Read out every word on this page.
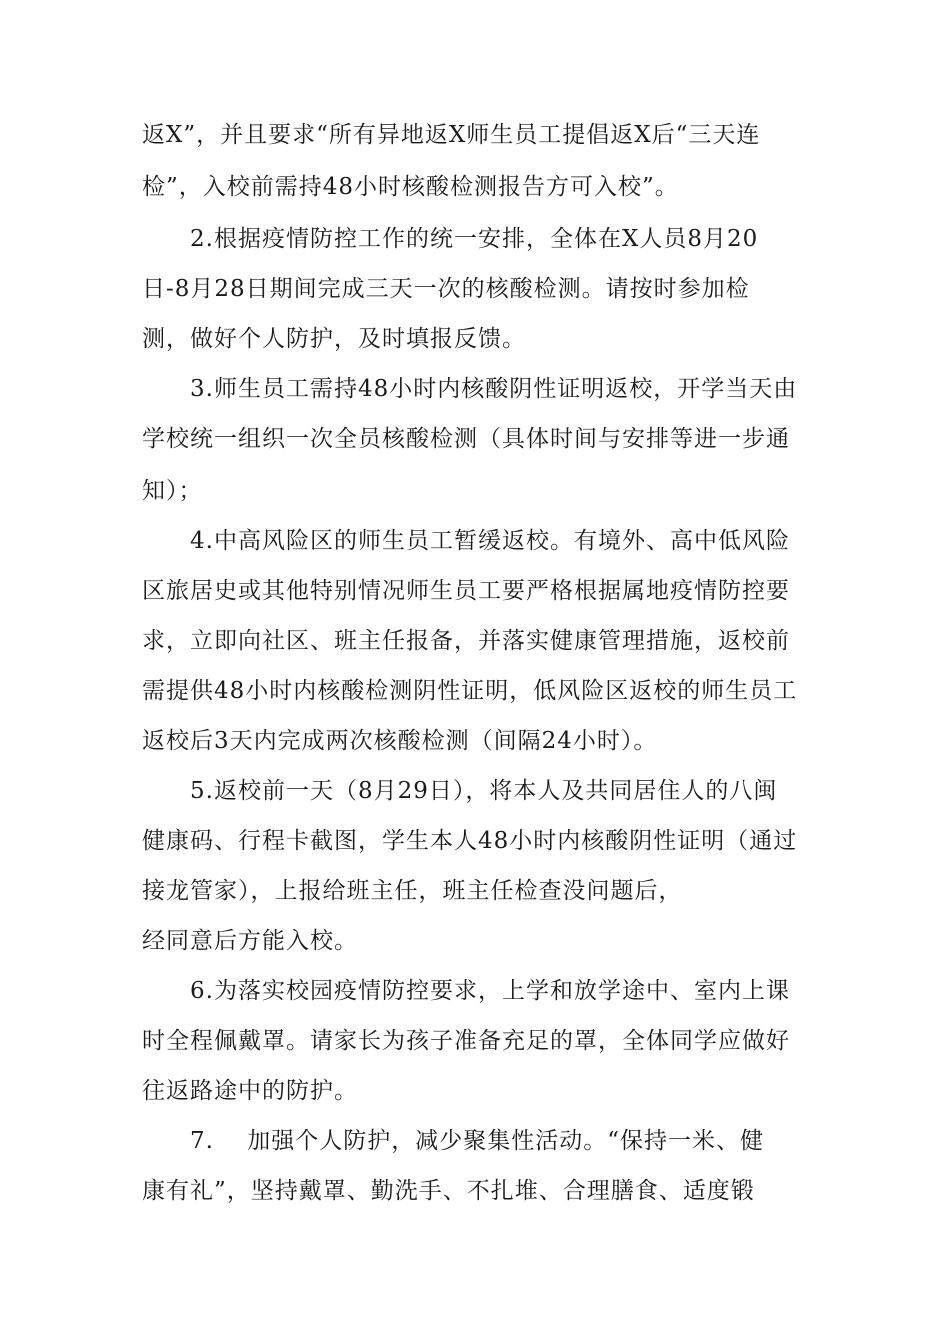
返X”，并且要求“所有异地返X师生员工提倡返X后“三天连
检”，入校前需持48小时核酸检测报告方可入校”。
2.根据疫情防控工作的统一安排，全体在X人员8月20
日-8月28日期间完成三天一次的核酸检测。请按时参加检
测，做好个人防护，及时填报反馈。
3.师生员工需持48小时内核酸阴性证明返校，开学当天由
学校统一组织一次全员核酸检测（具体时间与安排等进一步通
知）；
4.中高风险区的师生员工暂缓返校。有境外、高中低风险
区旅居史或其他特别情况师生员工要严格根据属地疫情防控要
求，立即向社区、班主任报备，并落实健康管理措施，返校前
需提供48小时内核酸检测阴性证明，低风险区返校的师生员工
返校后3天内完成两次核酸检测（间隔24小时）。
5.返校前一天（8月29日），将本人及共同居住人的八闽
健康码、行程卡截图，学生本人48小时内核酸阴性证明（通过
接龙管家），上报给班主任，班主任检查没问题后，
经同意后方能入校。
6.为落实校园疫情防控要求，上学和放学途中、室内上课
时全程佩戴罩。请家长为孩子准备充足的罩，全体同学应做好
往返路途中的防护。
7.    加强个人防护，减少聚集性活动。“保持一米、健
康有礼”，坚持戴罩、勤洗手、不扎堆、合理膳食、适度锻
